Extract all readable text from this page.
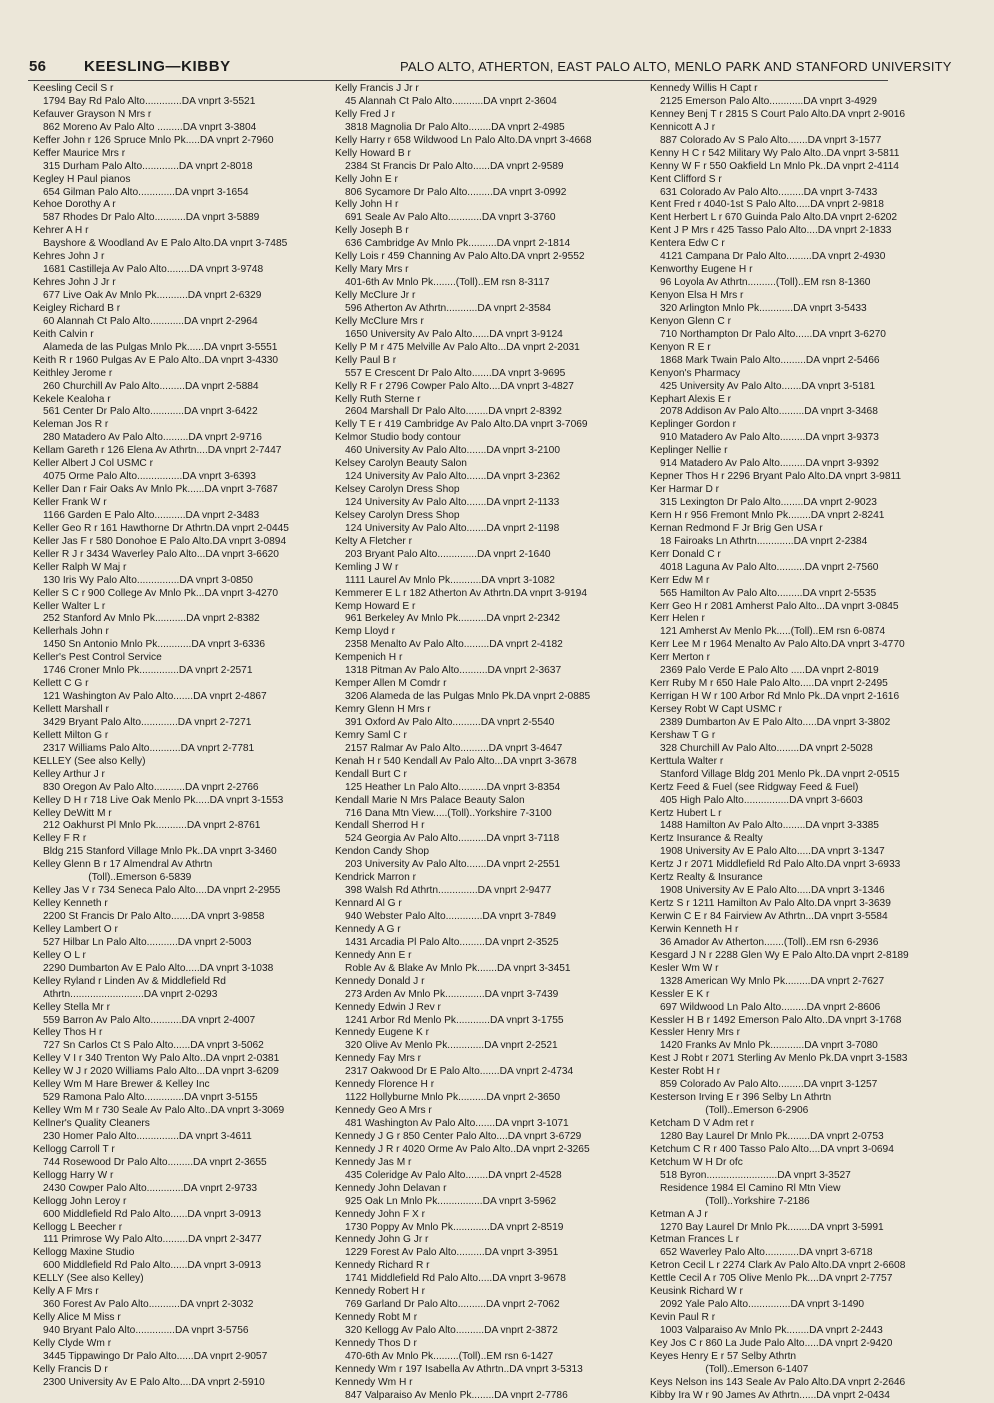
56	KEESLING—KIBBY	PALO ALTO, ATHERTON, EAST PALO ALTO, MENLO PARK AND STANFORD UNIVERSITY
Keesling Cecil S r
1794 Bay Rd Palo Alto.............DA vnprt 3-5521
Kefauver Grayson N Mrs r
862 Moreno Av Palo Alto .........DA vnprt 3-3804
Keffer John r 126 Spruce Mnlo Pk.....DA vnprt 2-7960
Keffer Maurice Mrs r
315 Durham Palo Alto.............DA vnprt 2-8018
Kegley H Paul pianos
654 Gilman Palo Alto.............DA vnprt 3-1654
Kehoe Dorothy A r
587 Rhodes Dr Palo Alto...........DA vnprt 3-5889
Kehrer A H r
Bayshore & Woodland Av E Palo Alto.DA vnprt 3-7485
Kehres John J r
1681 Castilleja Av Palo Alto........DA vnprt 3-9748
Kehres John J Jr r
677 Live Oak Av Mnlo Pk...........DA vnprt 2-6329
Keigley Richard B r
60 Alannah Ct Palo Alto............DA vnprt 2-2964
Keith Calvin r
Alameda de las Pulgas Mnlo Pk......DA vnprt 3-5551
Keith R r 1960 Pulgas Av E Palo Alto..DA vnprt 3-4330
Keithley Jerome r
260 Churchill Av Palo Alto.........DA vnprt 2-5884
Kekele Kealoha r
561 Center Dr Palo Alto............DA vnprt 3-6422
Keleman Jos R r
280 Matadero Av Palo Alto.........DA vnprt 2-9716
Kellam Gareth r 126 Elena Av Athrtn....DA vnprt 2-7447
Keller Albert J Col USMC r
4075 Orme Palo Alto................DA vnprt 3-6393
Keller Dan r Fair Oaks Av Mnlo Pk......DA vnprt 3-7687
Keller Frank W r
1166 Garden E Palo Alto...........DA vnprt 2-3483
Keller Geo R r 161 Hawthorne Dr Athrtn.DA vnprt 2-0445
Keller Jas F r 580 Donohoe E Palo Alto.DA vnprt 3-0894
Keller R J r 3434 Waverley Palo Alto...DA vnprt 3-6620
Keller Ralph W Maj r
130 Iris Wy Palo Alto...............DA vnprt 3-0850
Keller S C r 900 College Av Mnlo Pk...DA vnprt 3-4270
Keller Walter L r
252 Stanford Av Mnlo Pk...........DA vnprt 2-8382
Kellerhals John r
1450 Sn Antonio Mnlo Pk............DA vnprt 3-6336
Keller's Pest Control Service
1746 Croner Mnlo Pk..............DA vnprt 2-2571
Kellett C G r
121 Washington Av Palo Alto.......DA vnprt 2-4867
Kellett Marshall r
3429 Bryant Palo Alto.............DA vnprt 2-7271
Kellett Milton G r
2317 Williams Palo Alto...........DA vnprt 2-7781
KELLEY (See also Kelly)
Kelley Arthur J r
830 Oregon Av Palo Alto...........DA vnprt 2-2766
Kelley D H r 718 Live Oak Menlo Pk.....DA vnprt 3-1553
Kelley DeWitt M r
212 Oakhurst Pl Mnlo Pk...........DA vnprt 2-8761
Kelley F R r
Bldg 215 Stanford Village Mnlo Pk..DA vnprt 3-3460
Kelley Glenn B r 17 Almendral Av Athrtn
(Toll)..Emerson 6-5839
Kelley Jas V r 734 Seneca Palo Alto....DA vnprt 2-2955
Kelley Kenneth r
2200 St Francis Dr Palo Alto.......DA vnprt 3-9858
Kelley Lambert O r
527 Hilbar Ln Palo Alto...........DA vnprt 2-5003
Kelley O L r
2290 Dumbarton Av E Palo Alto.....DA vnprt 3-1038
Kelley Ryland r Linden Av & Middlefield Rd
Athrtn..........................DA vnprt 2-0293
Kelley Stella Mr r
559 Barron Av Palo Alto...........DA vnprt 2-4007
Kelley Thos H r
727 Sn Carlos Ct S Palo Alto......DA vnprt 3-5062
Kelley V I r 340 Trenton Wy Palo Alto..DA vnprt 2-0381
Kelley W J r 2020 Williams Palo Alto...DA vnprt 3-6209
Kelley Wm M Hare Brewer & Kelley Inc
529 Ramona Palo Alto..............DA vnprt 3-5155
Kelley Wm M r 730 Seale Av Palo Alto..DA vnprt 3-3069
Kellner's Quality Cleaners
230 Homer Palo Alto...............DA vnprt 3-4611
Kellogg Carroll T r
744 Rosewood Dr Palo Alto.........DA vnprt 2-3655
Kellogg Harry W r
2430 Cowper Palo Alto.............DA vnprt 2-9733
Kellogg John Leroy r
600 Middlefield Rd Palo Alto......DA vnprt 3-0913
Kellogg L Beecher r
111 Primrose Wy Palo Alto.........DA vnprt 2-3477
Kellogg Maxine Studio
600 Middlefield Rd Palo Alto......DA vnprt 3-0913
KELLY (See also Kelley)
Kelly A F Mrs r
360 Forest Av Palo Alto...........DA vnprt 2-3032
Kelly Alice M Miss r
940 Bryant Palo Alto..............DA vnprt 3-5756
Kelly Clyde Wm r
3445 Tippawingo Dr Palo Alto......DA vnprt 2-9057
Kelly Francis D r
2300 University Av E Palo Alto....DA vnprt 2-5910
Kelly Francis J Jr r
45 Alannah Ct Palo Alto...........DA vnprt 2-3604
Kelly Fred J r
3818 Magnolia Dr Palo Alto........DA vnprt 2-4985
Kelly Harry r 658 Wildwood Ln Palo Alto.DA vnprt 3-4668
Kelly Howard B r
2384 St Francis Dr Palo Alto......DA vnprt 2-9589
Kelly John E r
806 Sycamore Dr Palo Alto.........DA vnprt 3-0992
Kelly John H r
691 Seale Av Palo Alto............DA vnprt 3-3760
Kelly Joseph B r
636 Cambridge Av Mnlo Pk..........DA vnprt 2-1814
Kelly Lois r 459 Channing Av Palo Alto.DA vnprt 2-9552
Kelly Mary Mrs r
401-6th Av Mnlo Pk........(Toll)..EM rsn 8-3117
Kelly McClure Jr r
596 Atherton Av Athrtn...........DA vnprt 2-3584
Kelly McClure Mrs r
1650 University Av Palo Alto......DA vnprt 3-9124
Kelly P M r 475 Melville Av Palo Alto...DA vnprt 2-2031
Kelly Paul B r
557 E Crescent Dr Palo Alto.......DA vnprt 3-9695
Kelly R F r 2796 Cowper Palo Alto....DA vnprt 3-4827
Kelly Ruth Sterne r
2604 Marshall Dr Palo Alto........DA vnprt 2-8392
Kelly T E r 419 Cambridge Av Palo Alto.DA vnprt 3-7069
Kelmor Studio body contour
460 University Av Palo Alto.......DA vnprt 3-2100
Kelsey Carolyn Beauty Salon
124 University Av Palo Alto.......DA vnprt 3-2362
Kelsey Carolyn Dress Shop
124 University Av Palo Alto.......DA vnprt 2-1133
Kelsey Carolyn Dress Shop
124 University Av Palo Alto.......DA vnprt 2-1198
Kelty A Fletcher r
203 Bryant Palo Alto..............DA vnprt 2-1640
Kemling J W r
1111 Laurel Av Mnlo Pk...........DA vnprt 3-1082
Kemmerer E L r 182 Atherton Av Athrtn.DA vnprt 3-9194
Kemp Howard E r
961 Berkeley Av Mnlo Pk..........DA vnprt 2-2342
Kemp Lloyd r
2358 Menalto Av Palo Alto.........DA vnprt 2-4182
Kempenich H r
1318 Pitman Av Palo Alto..........DA vnprt 2-3637
Kemper Allen M Comdr r
3206 Alameda de las Pulgas Mnlo Pk.DA vnprt 2-0885
Kemry Glenn H Mrs r
391 Oxford Av Palo Alto..........DA vnprt 2-5540
Kemry Saml C r
2157 Ralmar Av Palo Alto..........DA vnprt 3-4647
Kenah H r 540 Kendall Av Palo Alto...DA vnprt 3-3678
Kendall Burt C r
125 Heather Ln Palo Alto..........DA vnprt 3-8354
Kendall Marie N Mrs Palace Beauty Salon
716 Dana Mtn View.....(Toll)..Yorkshire 7-3100
Kendall Sherrod H r
524 Georgia Av Palo Alto..........DA vnprt 3-7118
Kendon Candy Shop
203 University Av Palo Alto.......DA vnprt 2-2551
Kendrick Marron r
398 Walsh Rd Athrtn..............DA vnprt 2-9477
Kennard Al G r
940 Webster Palo Alto.............DA vnprt 3-7849
Kennedy A G r
1431 Arcadia Pl Palo Alto.........DA vnprt 2-3525
Kennedy Ann E r
Roble Av & Blake Av Mnlo Pk.......DA vnprt 3-3451
Kennedy Donald J r
273 Arden Av Mnlo Pk..............DA vnprt 3-7439
Kennedy Edwin J Rev r
1241 Arbor Rd Menlo Pk............DA vnprt 3-1755
Kennedy Eugene K r
320 Olive Av Menlo Pk.............DA vnprt 2-2521
Kennedy Fay Mrs r
2317 Oakwood Dr E Palo Alto.......DA vnprt 2-4734
Kennedy Florence H r
1122 Hollyburne Mnlo Pk..........DA vnprt 2-3650
Kennedy Geo A Mrs r
481 Washington Av Palo Alto.......DA vnprt 3-1071
Kennedy J G r 850 Center Palo Alto....DA vnprt 3-6729
Kennedy J R r 4020 Orme Av Palo Alto..DA vnprt 2-3265
Kennedy Jas M r
435 Coleridge Av Palo Alto........DA vnprt 2-4528
Kennedy John Delavan r
925 Oak Ln Mnlo Pk................DA vnprt 3-5962
Kennedy John F X r
1730 Poppy Av Mnlo Pk.............DA vnprt 2-8519
Kennedy John G Jr r
1229 Forest Av Palo Alto..........DA vnprt 3-3951
Kennedy Richard R r
1741 Middlefield Rd Palo Alto.....DA vnprt 3-9678
Kennedy Robert H r
769 Garland Dr Palo Alto..........DA vnprt 2-7062
Kennedy Robt M r
320 Kellogg Av Palo Alto..........DA vnprt 2-3872
Kennedy Thos D r
470-6th Av Mnlo Pk.........(Toll)..EM rsn 6-1427
Kennedy Wm r 197 Isabella Av Athrtn..DA vnprt 3-5313
Kennedy Wm H r
847 Valparaiso Av Menlo Pk........DA vnprt 2-7786
Kennedy Willis H Capt r
2125 Emerson Palo Alto............DA vnprt 3-4929
Kenney Benj T r 2815 S Court Palo Alto.DA vnprt 2-9016
Kennicott A J r
887 Colorado Av S Palo Alto.......DA vnprt 3-1577
Kenny H C r 542 Military Wy Palo Alto..DA vnprt 3-5811
Kenny W F r 550 Oakfield Ln Mnlo Pk..DA vnprt 2-4114
Kent Clifford S r
631 Colorado Av Palo Alto.........DA vnprt 3-7433
Kent Fred r 4040-1st S Palo Alto.....DA vnprt 2-9818
Kent Herbert L r 670 Guinda Palo Alto.DA vnprt 2-6202
Kent J P Mrs r 425 Tasso Palo Alto....DA vnprt 2-1833
Kentera Edw C r
4121 Campana Dr Palo Alto.........DA vnprt 2-4930
Kenworthy Eugene H r
96 Loyola Av Athrtn..........(Toll)..EM rsn 8-1360
Kenyon Elsa H Mrs r
320 Arlington Mnlo Pk............DA vnprt 3-5433
Kenyon Glenn C r
710 Northampton Dr Palo Alto......DA vnprt 3-6270
Kenyon R E r
1868 Mark Twain Palo Alto.........DA vnprt 2-5466
Kenyon's Pharmacy
425 University Av Palo Alto.......DA vnprt 3-5181
Kephart Alexis E r
2078 Addison Av Palo Alto.........DA vnprt 3-3468
Keplinger Gordon r
910 Matadero Av Palo Alto.........DA vnprt 3-9373
Keplinger Nellie r
914 Matadero Av Palo Alto.........DA vnprt 3-9392
Kepner Thos H r 2296 Bryant Palo Alto.DA vnprt 3-9811
Ker Harmar D r
315 Lexington Dr Palo Alto........DA vnprt 2-9023
Kern H r 956 Fremont Mnlo Pk........DA vnprt 2-8241
Kernan Redmond F Jr Brig Gen USA r
18 Fairoaks Ln Athrtn.............DA vnprt 2-2384
Kerr Donald C r
4018 Laguna Av Palo Alto..........DA vnprt 2-7560
Kerr Edw M r
565 Hamilton Av Palo Alto.........DA vnprt 2-5535
Kerr Geo H r 2081 Amherst Palo Alto...DA vnprt 3-0845
Kerr Helen r
121 Amherst Av Menlo Pk.....(Toll)..EM rsn 6-0874
Kerr Lee M r 1964 Menalto Av Palo Alto.DA vnprt 3-4770
Kerr Merton r
2369 Palo Verde E Palo Alto .....DA vnprt 2-8019
Kerr Ruby M r 650 Hale Palo Alto.....DA vnprt 2-2495
Kerrigan H W r 100 Arbor Rd Mnlo Pk..DA vnprt 2-1616
Kersey Robt W Capt USMC r
2389 Dumbarton Av E Palo Alto.....DA vnprt 3-3802
Kershaw T G r
328 Churchill Av Palo Alto........DA vnprt 2-5028
Kerttula Walter r
Stanford Village Bldg 201 Menlo Pk..DA vnprt 2-0515
Kertz Feed & Fuel (see Ridgway Feed & Fuel)
405 High Palo Alto................DA vnprt 3-6603
Kertz Hubert L r
1488 Hamilton Av Palo Alto........DA vnprt 3-3385
Kertz Insurance & Realty
1908 University Av E Palo Alto.....DA vnprt 3-1347
Kertz J r 2071 Middlefield Rd Palo Alto.DA vnprt 3-6933
Kertz Realty & Insurance
1908 University Av E Palo Alto.....DA vnprt 3-1346
Kertz S r 1211 Hamilton Av Palo Alto.DA vnprt 3-3639
Kerwin C E r 84 Fairview Av Athrtn...DA vnprt 3-5584
Kerwin Kenneth H r
36 Amador Av Atherton.......(Toll)..EM rsn 6-2936
Kesgard J N r 2288 Glen Wy E Palo Alto.DA vnprt 2-8189
Kesler Wm W r
1328 American Wy Mnlo Pk.........DA vnprt 2-7627
Kessler E K r
697 Wildwood Ln Palo Alto.........DA vnprt 2-8606
Kessler H B r 1492 Emerson Palo Alto..DA vnprt 3-1768
Kessler Henry Mrs r
1420 Franks Av Mnlo Pk............DA vnprt 3-7080
Kest J Robt r 2071 Sterling Av Menlo Pk.DA vnprt 3-1583
Kester Robt H r
859 Colorado Av Palo Alto.........DA vnprt 3-1257
Kesterson Irving E r 396 Selby Ln Athrtn
(Toll)..Emerson 6-2906
Ketcham D V Adm ret r
1280 Bay Laurel Dr Mnlo Pk........DA vnprt 2-0753
Ketchum C R r 400 Tasso Palo Alto....DA vnprt 3-0694
Ketchum W H Dr ofc
518 Byron.........................DA vnprt 3-3527
Residence 1984 El Camino Rl Mtn View
(Toll)..Yorkshire 7-2186
Ketman A J r
1270 Bay Laurel Dr Mnlo Pk........DA vnprt 3-5991
Ketman Frances L r
652 Waverley Palo Alto............DA vnprt 3-6718
Ketron Cecil L r 2274 Clark Av Palo Alto.DA vnprt 2-6608
Kettle Cecil A r 705 Olive Menlo Pk....DA vnprt 2-7757
Keusink Richard W r
2092 Yale Palo Alto...............DA vnprt 3-1490
Kevin Paul R r
1003 Valparaiso Av Mnlo Pk........DA vnprt 2-2443
Key Jos C r 860 La Jude Palo Alto.....DA vnprt 2-9420
Keyes Henry E r 57 Selby Athrtn
(Toll)..Emerson 6-1407
Keys Nelson ins 143 Seale Av Palo Alto.DA vnprt 2-2646
Kibby Ira W r 90 James Av Athrtn......DA vnprt 2-0434
